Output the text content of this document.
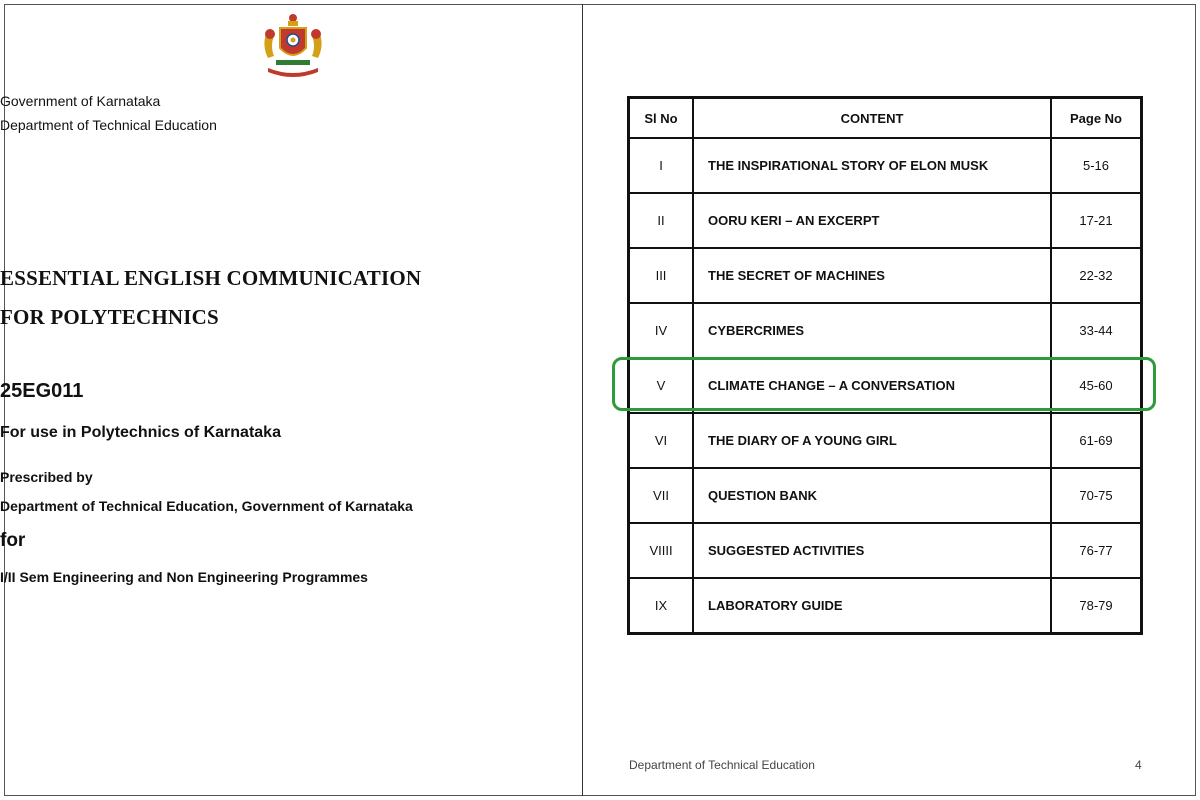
Government of Karnataka
Department of Technical Education
ESSENTIAL ENGLISH COMMUNICATION
FOR POLYTECHNICS
25EG011
For use in Polytechnics of Karnataka
Prescribed by
Department of Technical Education, Government of Karnataka
for
I/II Sem Engineering and Non Engineering Programmes
Sl No	CONTENT	Page No
I	THE INSPIRATIONAL STORY OF ELON MUSK	5-16
II	OORU KERI – AN EXCERPT	17-21
III	THE SECRET OF MACHINES	22-32
IV	CYBERCRIMES	33-44
V	CLIMATE CHANGE – A CONVERSATION	45-60
VI	THE DIARY OF A YOUNG GIRL	61-69
VII	QUESTION BANK	70-75
VIIII	SUGGESTED ACTIVITIES	76-77
IX	LABORATORY GUIDE	78-79
Department of Technical Education	4
